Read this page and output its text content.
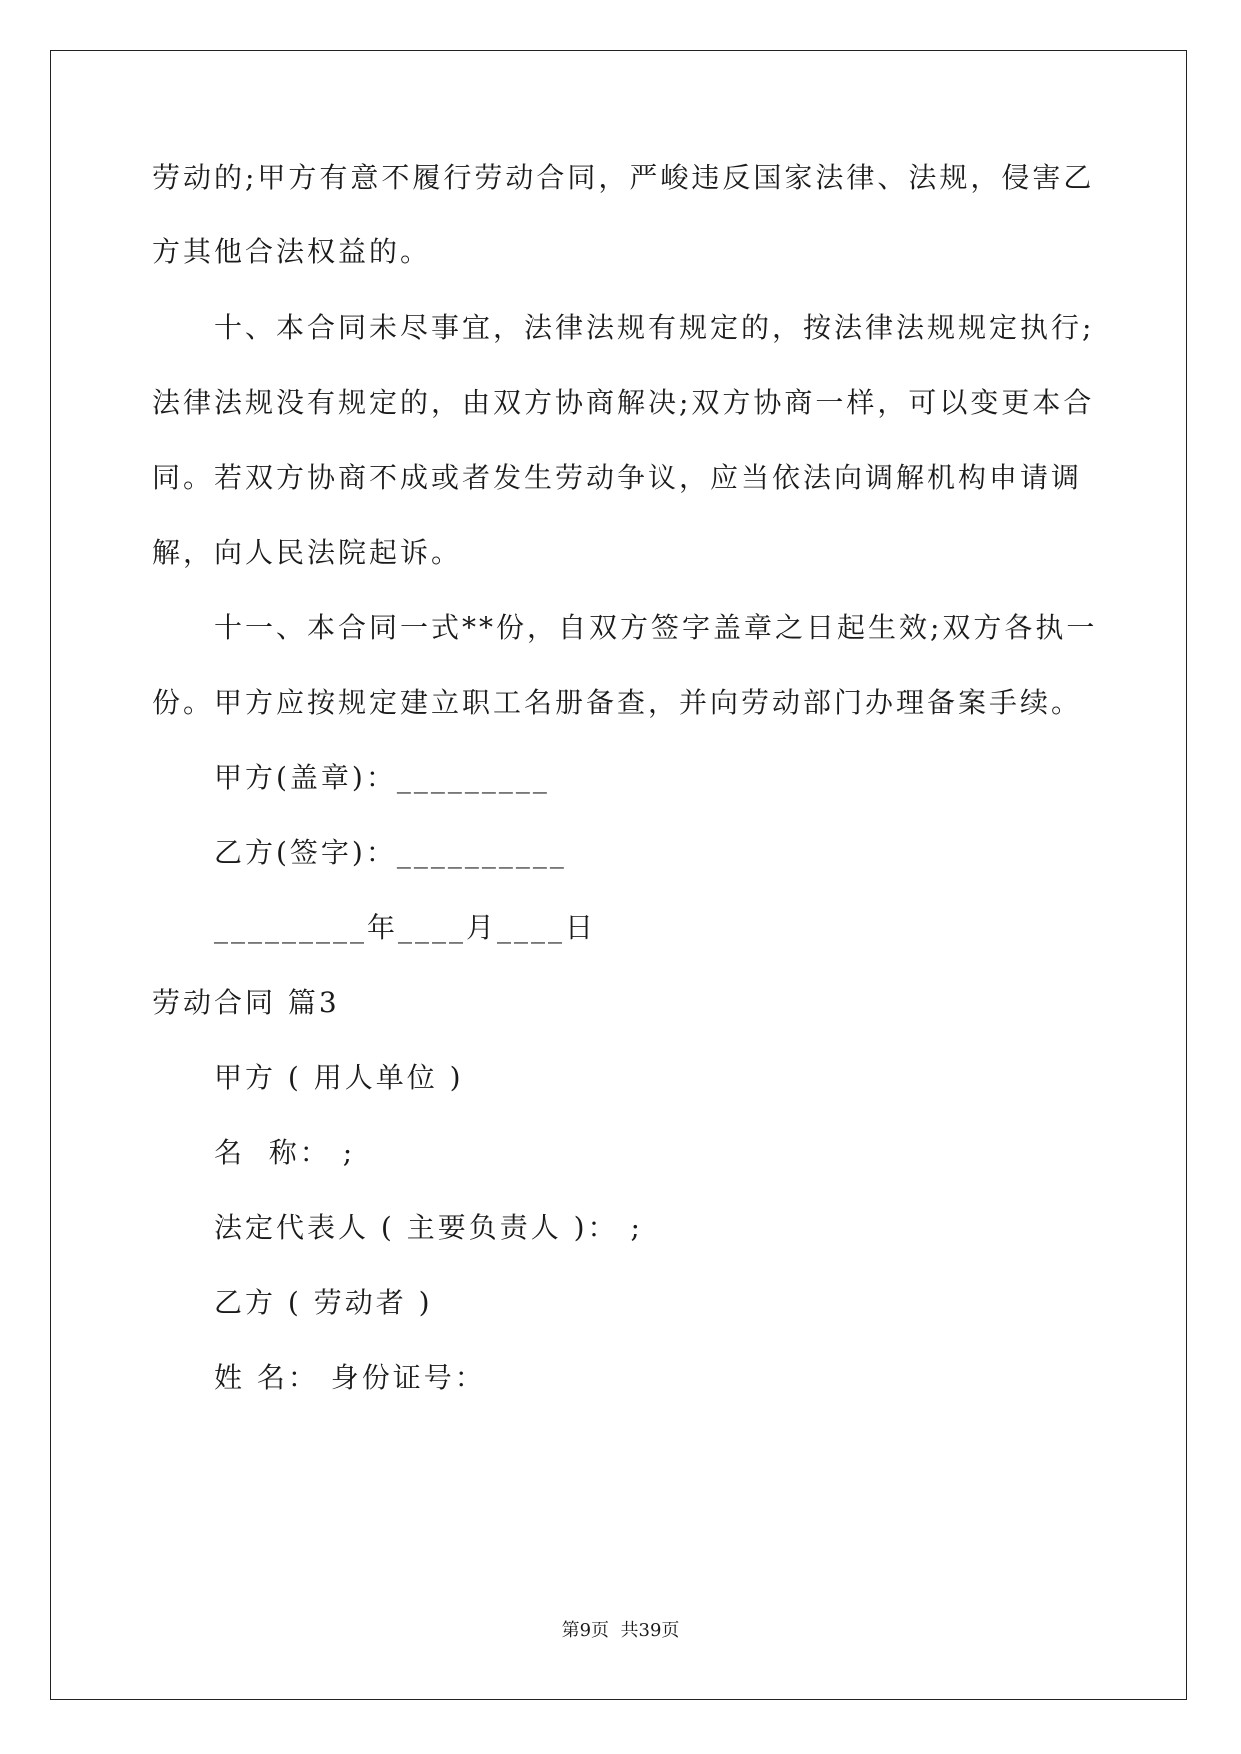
劳动的;甲方有意不履行劳动合同，严峻违反国家法律、法规，侵害乙
方其他合法权益的。
十、本合同未尽事宜，法律法规有规定的，按法律法规规定执行;
法律法规没有规定的，由双方协商解决;双方协商一样，可以变更本合
同。若双方协商不成或者发生劳动争议，应当依法向调解机构申请调
解，向人民法院起诉。
十一、本合同一式**份，自双方签字盖章之日起生效;双方各执一
份。甲方应按规定建立职工名册备查，并向劳动部门办理备案手续。
甲方(盖章)：_________
乙方(签字)：__________
_________年____月____日
劳动合同 篇3
甲方 ( 用人单位 )
名  称： ;
法定代表人 ( 主要负责人 )： ;
乙方 ( 劳动者 )
姓 名： 身份证号：
第9页  共39页
